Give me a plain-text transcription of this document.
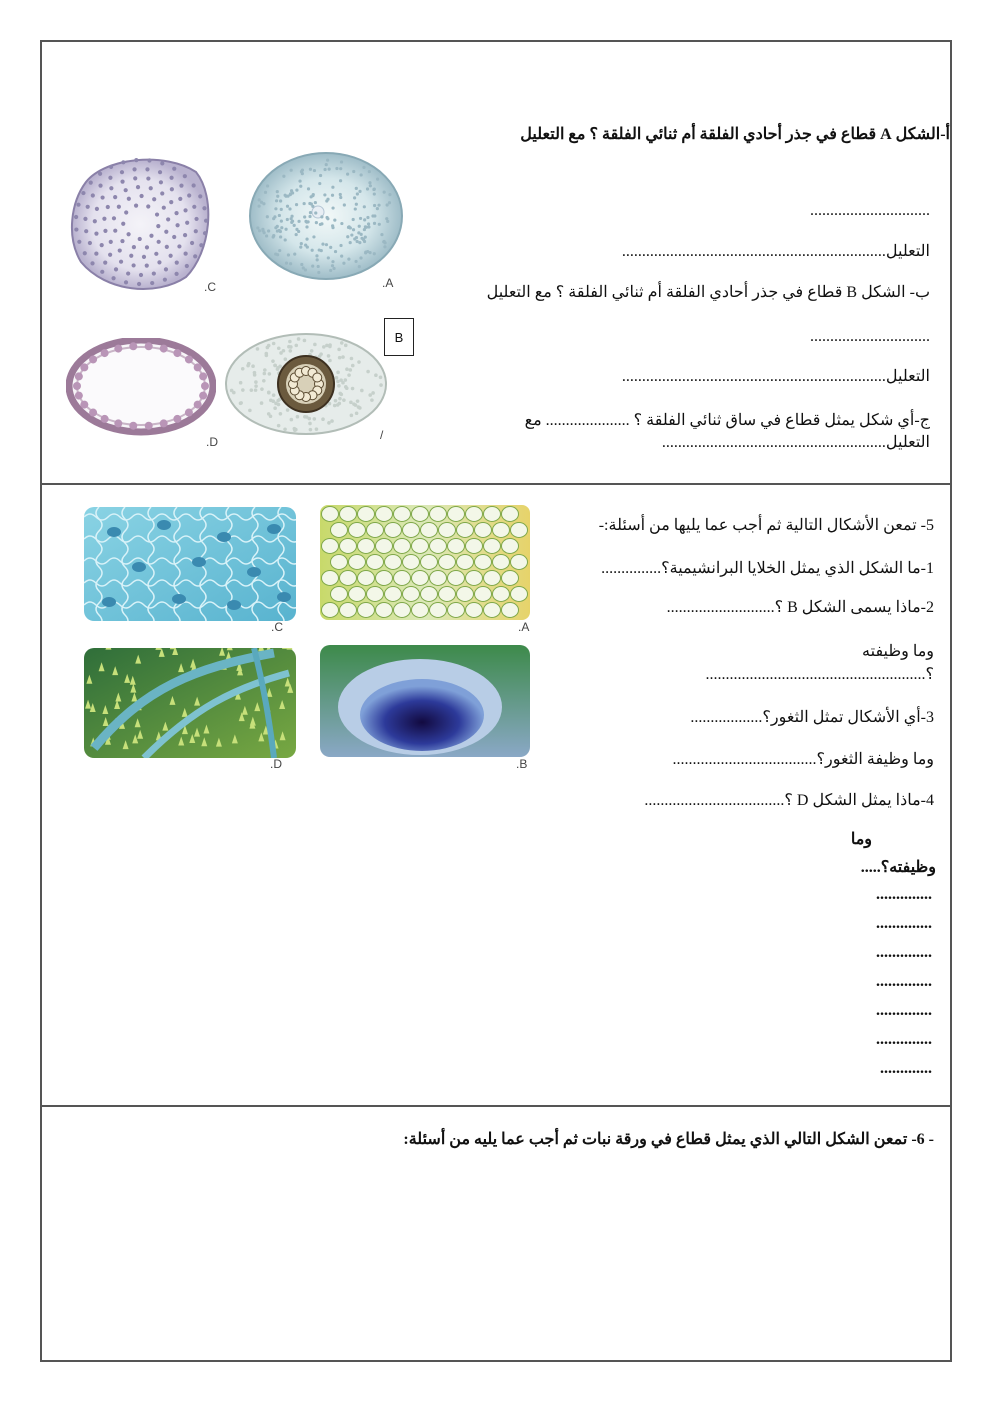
أ-الشكل A قطاع في جذر أحادي الفلقة أم ثنائي الفلقة ؟ مع التعليل
..............................
التعليل..................................................................
ب- الشكل B قطاع في جذر أحادي الفلقة أم ثنائي الفلقة ؟ مع التعليل
..............................
التعليل..................................................................
ج-أي شكل يمثل قطاع في ساق ثنائي الفلقة ؟ ..................... مع
التعليل........................................................
.C	.A
.D	/
B
5- تمعن الأشكال التالية ثم أجب عما يليها من أسئلة:-
1-ما الشكل الذي يمثل الخلايا البرانشيمية؟...............
2-ماذا يسمى الشكل B ؟...........................
وما وظيفته
؟.......................................................
3-أي الأشكال تمثل الثغور؟..................
وما وظيفة الثغور؟....................................
4-ماذا يمثل الشكل D ؟...................................
وما
وظيفته؟.....
..............
..............
..............
..............
..............
..............
.............
.C	.A
.D	.B
- 6- تمعن الشكل التالي الذي يمثل قطاع في ورقة نبات ثم أجب عما يليه من أسئلة:
